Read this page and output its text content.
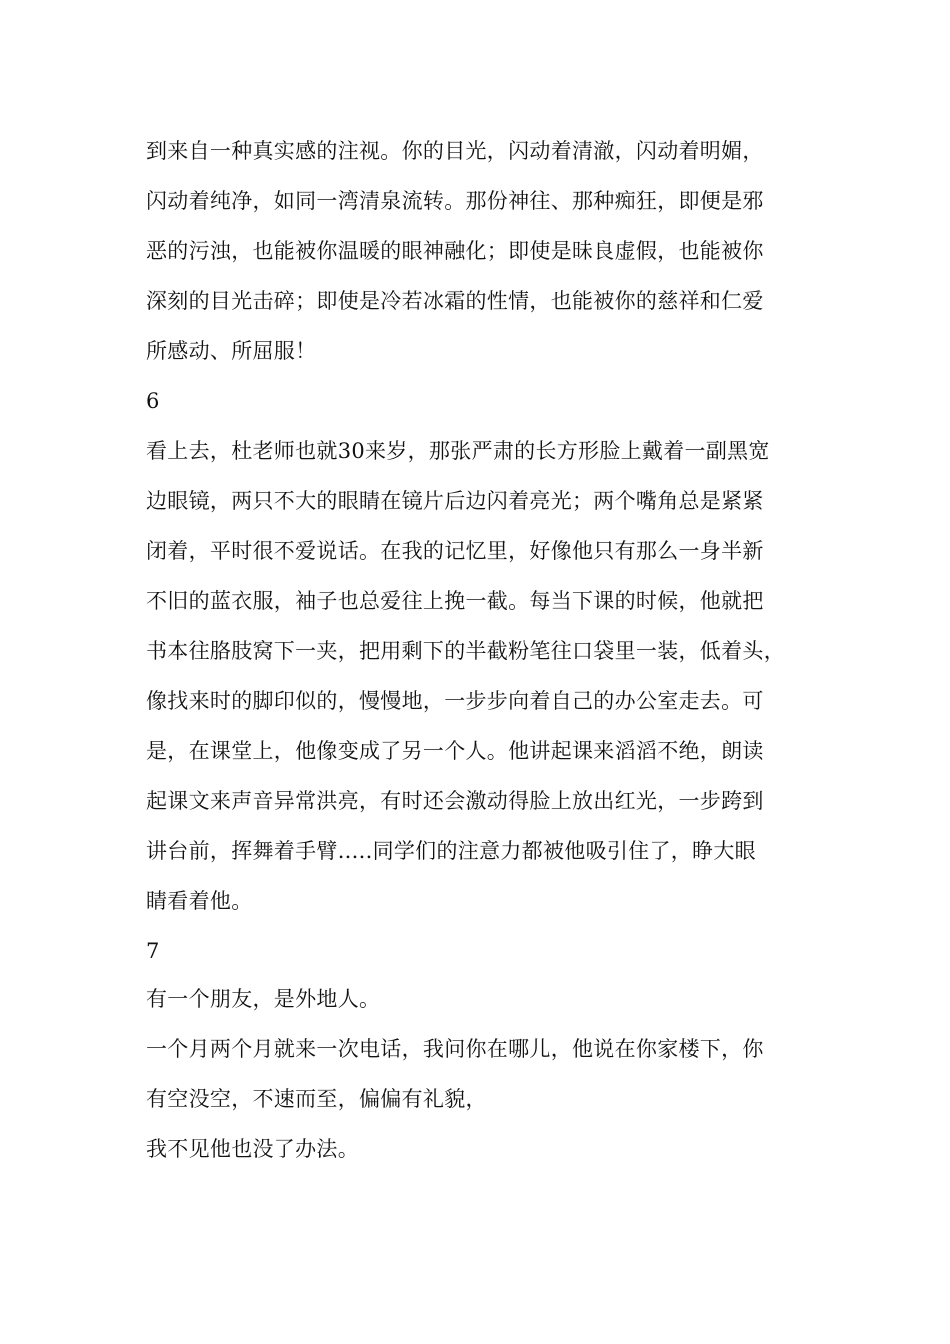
到来自一种真实感的注视。你的目光，闪动着清澈，闪动着明媚，
闪动着纯净，如同一湾清泉流转。那份神往、那种痴狂，即便是邪
恶的污浊，也能被你温暖的眼神融化；即使是昧良虚假，也能被你
深刻的目光击碎；即使是冷若冰霜的性情，也能被你的慈祥和仁爱
所感动、所屈服！
6
看上去，杜老师也就30来岁，那张严肃的长方形脸上戴着一副黑宽
边眼镜，两只不大的眼睛在镜片后边闪着亮光；两个嘴角总是紧紧
闭着，平时很不爱说话。在我的记忆里，好像他只有那么一身半新
不旧的蓝衣服，袖子也总爱往上挽一截。每当下课的时候，他就把
书本往胳肢窝下一夹，把用剩下的半截粉笔往口袋里一装，低着头，
像找来时的脚印似的，慢慢地，一步步向着自己的办公室走去。可
是，在课堂上，他像变成了另一个人。他讲起课来滔滔不绝，朗读
起课文来声音异常洪亮，有时还会激动得脸上放出红光，一步跨到
讲台前，挥舞着手臂.....同学们的注意力都被他吸引住了，睁大眼
睛看着他。
7
有一个朋友，是外地人。
一个月两个月就来一次电话，我问你在哪儿，他说在你家楼下，你
有空没空，不速而至，偏偏有礼貌，
我不见他也没了办法。
